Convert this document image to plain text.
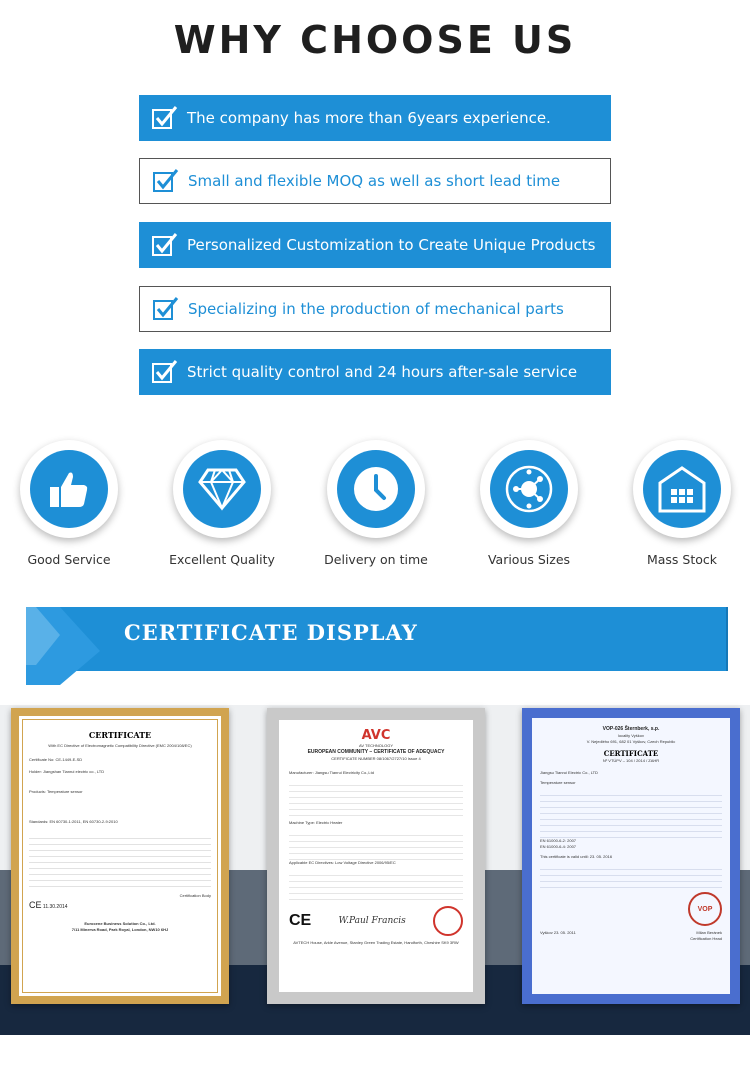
WHY CHOOSE US
The company has more than 6years experience.
Small and flexible MOQ as well as short lead time
Personalized Customization to Create Unique Products
Specializing in the production of mechanical parts
Strict quality control and 24 hours after-sale service
Good Service	Excellent Quality	Delivery on time	Various Sizes	Mass Stock
CERTIFICATE DISPLAY
CERTIFICATE

With EC Directive of Electromagnetic Compatibility Directive (EMC 2004/108/EC)

Certificate No: CE-1449-E-SD

Holder: Jiangshan Tianrui electric co., LTD

Products: Temperature sensor

Standards: EN 60730-1:2011, EN 60730-2-9:2010

Certification Body

CE 11.30.2014

Eurocene Business Solution Co., Ltd.

7/11 Minerva Road, Park Royal, London, NW10 6HJ

AVC

AV TECHNOLOGY

EUROPEAN COMMUNITY – CERTIFICATE OF ADEQUACY

CERTIFICATE NUMBER 08/1067/2727/10 Issue 4

Manufacturer: Jiangsu Tianrui Electricity Co.,Ltd

Machine Type: Electric Heater

Applicable EC Directives: Low Voltage Directive 2006/95/EC

CE	W.Paul Francis

AVTECH House, Arkle Avenue, Stanley Green Trading Estate, Handforth, Cheshire SK9 3RW

VOP-026 Šternberk, s.p.

locality Vyškov

V. Nejedlého 691, 682 01 Vyškov, Czech Republic

CERTIFICATE

Nº VTÚPV – 104 / 2014 / ZAHR

Jiangsu Tianrui Electric Co., LTD

Temperature sensor

EN 61000-6-2: 2007

EN 61000-6-4: 2007

This certificate is valid until: 23. 05. 2016

VOP
Vyškov 23. 05. 2011	Milan Beránek
Certification Head
